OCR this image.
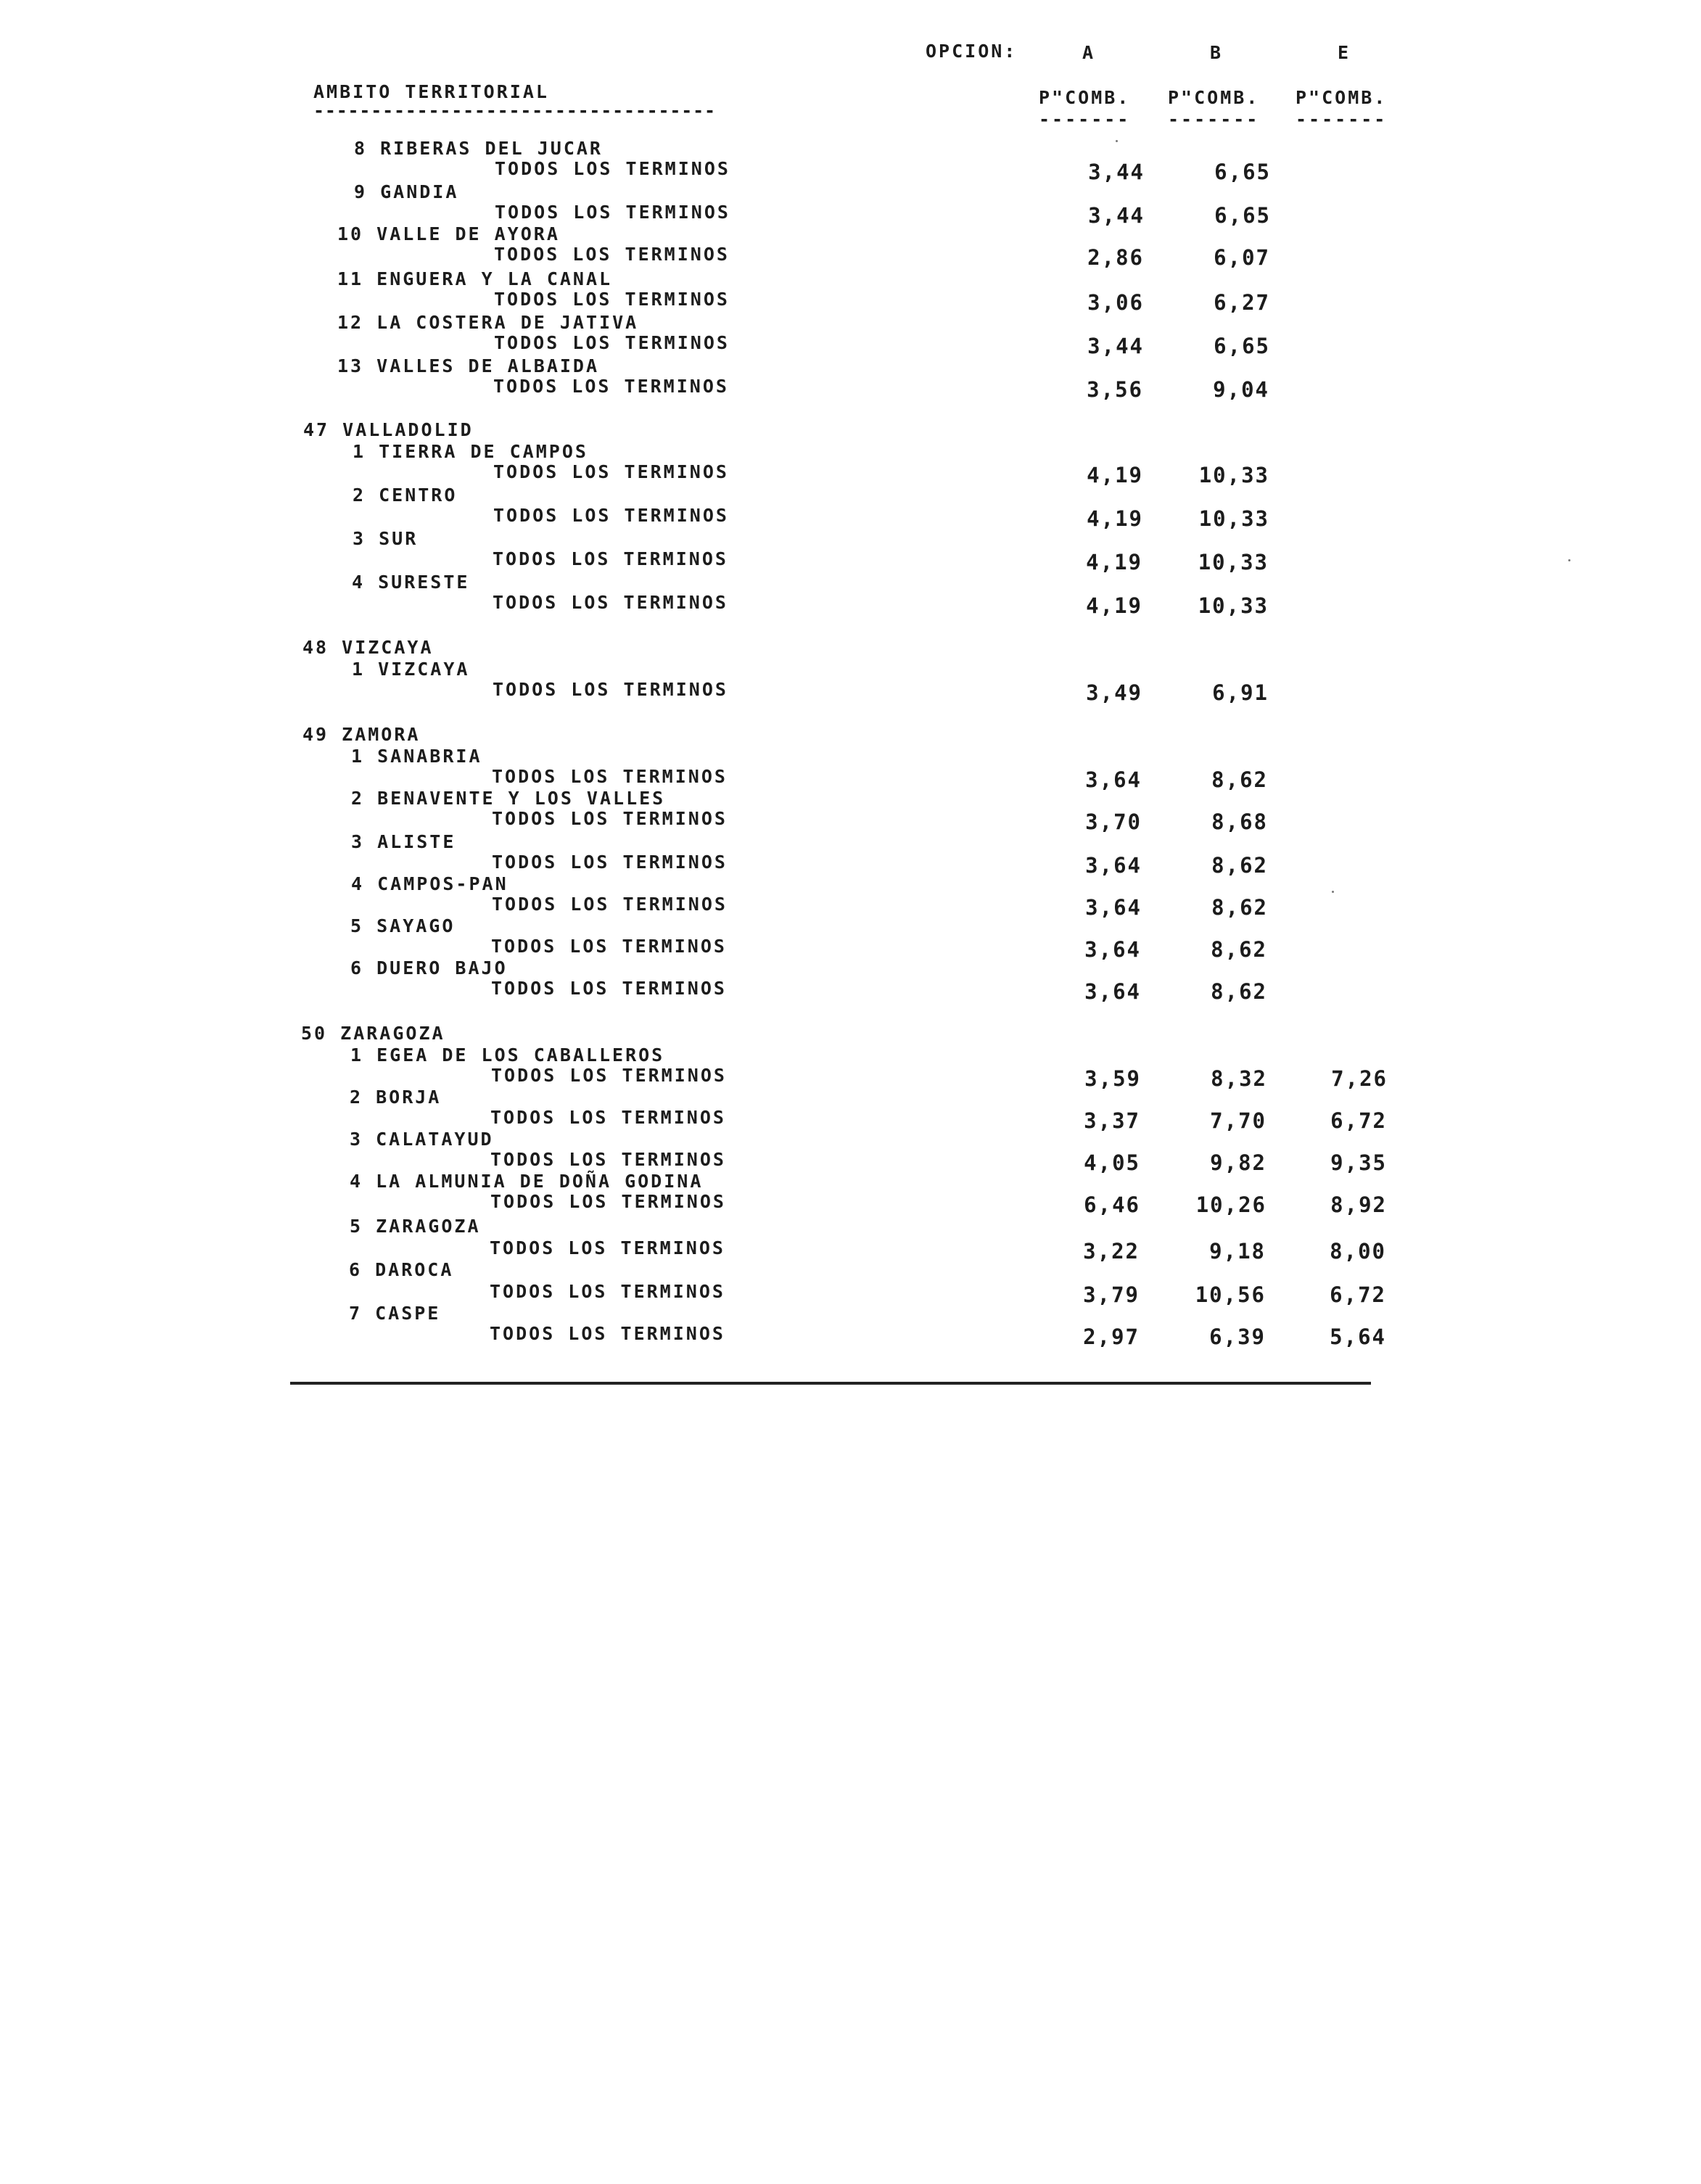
OPCION:	A	B	E
AMBITO TERRITORIAL	P"COMB. P"COMB. P"COMB.
-----------------------------------	------- ------- -------
8 RIBERAS DEL JUCAR
TODOS LOS TERMINOS	3,44	6,65
9 GANDIA
TODOS LOS TERMINOS	3,44	6,65
10 VALLE DE AYORA
TODOS LOS TERMINOS	2,86	6,07
11 ENGUERA Y LA CANAL
TODOS LOS TERMINOS	3,06	6,27
12 LA COSTERA DE JATIVA
TODOS LOS TERMINOS	3,44	6,65
13 VALLES DE ALBAIDA
TODOS LOS TERMINOS	3,56	9,04
47 VALLADOLID
1 TIERRA DE CAMPOS
TODOS LOS TERMINOS	4,19	10,33
2 CENTRO
TODOS LOS TERMINOS	4,19	10,33
3 SUR
TODOS LOS TERMINOS	4,19	10,33
4 SURESTE
TODOS LOS TERMINOS	4,19	10,33
48 VIZCAYA
1 VIZCAYA
TODOS LOS TERMINOS	3,49	6,91
49 ZAMORA
1 SANABRIA
TODOS LOS TERMINOS	3,64	8,62
2 BENAVENTE Y LOS VALLES
TODOS LOS TERMINOS	3,70	8,68
3 ALISTE
TODOS LOS TERMINOS	3,64	8,62
4 CAMPOS-PAN
TODOS LOS TERMINOS	3,64	8,62
5 SAYAGO
TODOS LOS TERMINOS	3,64	8,62
6 DUERO BAJO
TODOS LOS TERMINOS	3,64	8,62
50 ZARAGOZA
1 EGEA DE LOS CABALLEROS
TODOS LOS TERMINOS	3,59	8,32	7,26
2 BORJA
TODOS LOS TERMINOS	3,37	7,70	6,72
3 CALATAYUD
TODOS LOS TERMINOS	4,05	9,82	9,35
4 LA ALMUNIA DE DOÑA GODINA
TODOS LOS TERMINOS	6,46	10,26	8,92
5 ZARAGOZA
TODOS LOS TERMINOS	3,22	9,18	8,00
6 DAROCA
TODOS LOS TERMINOS	3,79	10,56	6,72
7 CASPE
TODOS LOS TERMINOS	2,97	6,39	5,64
